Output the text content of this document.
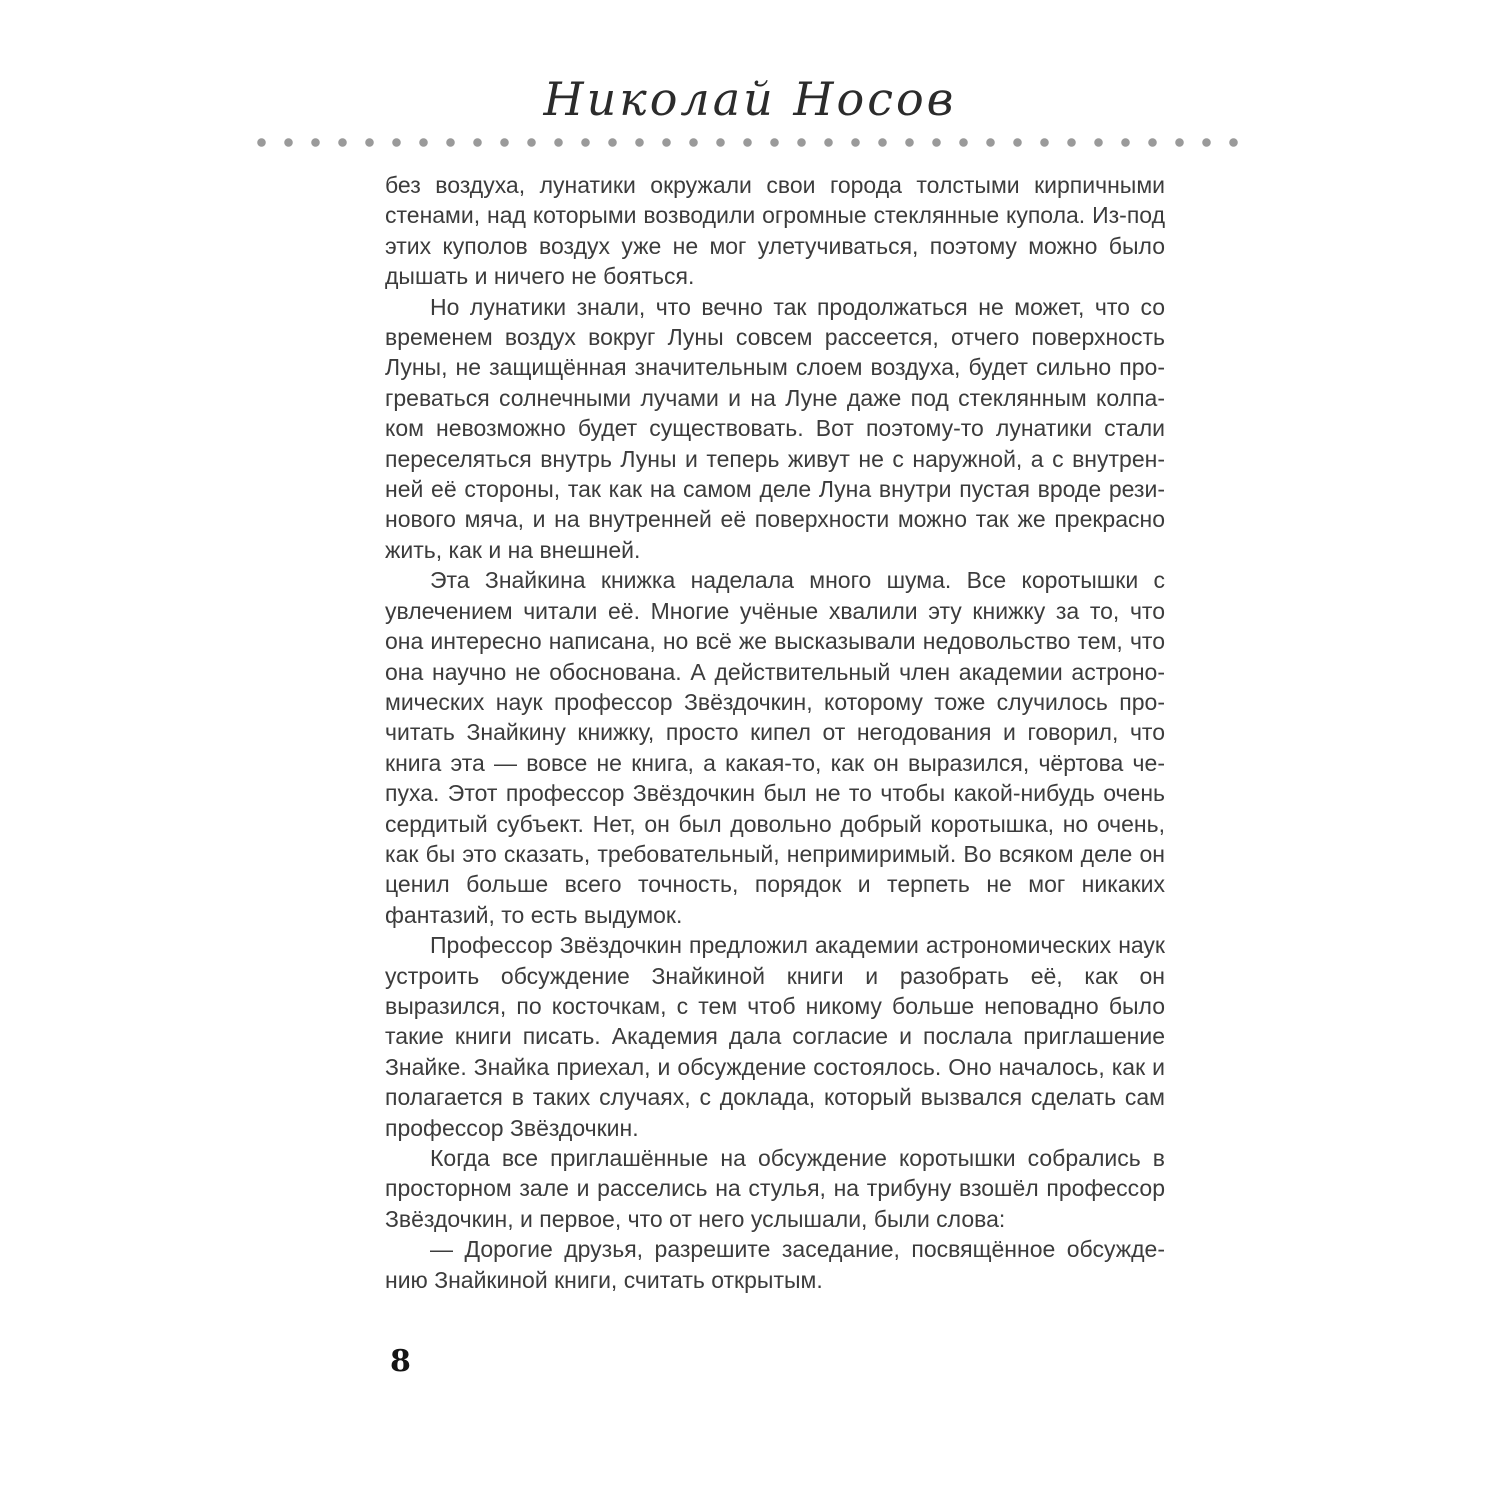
Николай Носов

без воздуха, лунатики окружали свои города толстыми кирпичными стенами, над которыми возводили огромные стеклянные купола. Из-под этих куполов воздух уже не мог улетучиваться, поэтому можно было дышать и ничего не бояться.

Но лунатики знали, что вечно так продолжаться не может, что со временем воздух вокруг Луны совсем рассеется, отчего поверхность Луны, не защищённая значительным слоем воздуха, будет сильно прогреваться солнечными лучами и на Луне даже под стеклянным колпаком невозможно будет существовать. Вот поэтому-то лунатики стали переселяться внутрь Луны и теперь живут не с наружной, а с внутренней её стороны, так как на самом деле Луна внутри пустая вроде резинового мяча, и на внутренней её поверхности можно так же прекрасно жить, как и на внешней.

Эта Знайкина книжка наделала много шума. Все коротышки с увлечением читали её. Многие учёные хвалили эту книжку за то, что она интересно написана, но всё же высказывали недовольство тем, что она научно не обоснована. А действительный член академии астрономических наук профессор Звёздочкин, которому тоже случилось прочитать Знайкину книжку, просто кипел от негодования и говорил, что книга эта — вовсе не книга, а какая-то, как он выразился, чёртова чепуха. Этот профессор Звёздочкин был не то чтобы какой-нибудь очень сердитый субъект. Нет, он был довольно добрый коротышка, но очень, как бы это сказать, требовательный, непримиримый. Во всяком деле он ценил больше всего точность, порядок и терпеть не мог никаких фантазий, то есть выдумок.

Профессор Звёздочкин предложил академии астрономических наук устроить обсуждение Знайкиной книги и разобрать её, как он выразился, по косточкам, с тем чтоб никому больше неповадно было такие книги писать. Академия дала согласие и послала приглашение Знайке. Знайка приехал, и обсуждение состоялось. Оно началось, как и полагается в таких случаях, с доклада, который вызвался сделать сам профессор Звёздочкин.

Когда все приглашённые на обсуждение коротышки собрались в просторном зале и расселись на стулья, на трибуну взошёл профессор Звёздочкин, и первое, что от него услышали, были слова:

— Дорогие друзья, разрешите заседание, посвящённое обсуждению Знайкиной книги, считать открытым.

8
